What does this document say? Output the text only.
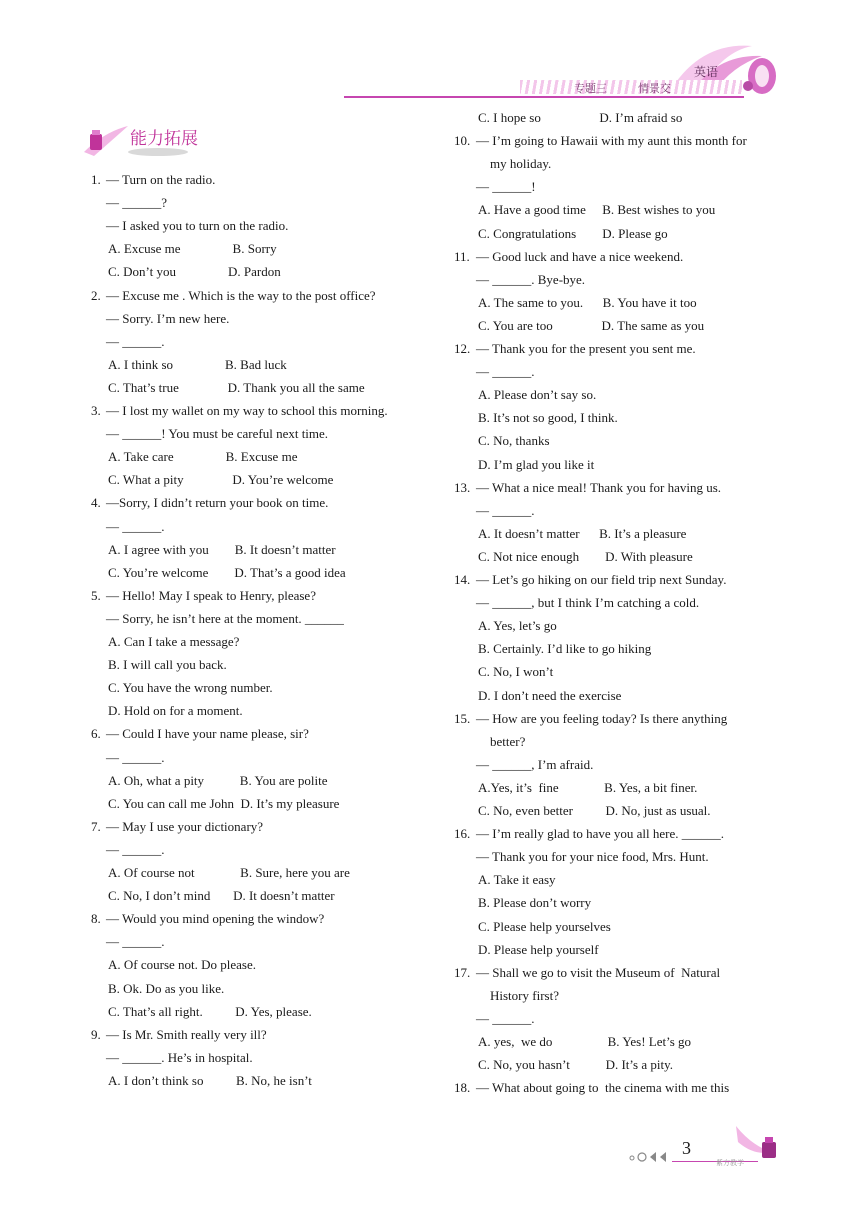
英语
专题三	情景交
能力拓展
1. — Turn on the radio.
— ______?
— I asked you to turn on the radio.
A. Excuse me                B. Sorry
C. Don’t you                D. Pardon
2. — Excuse me . Which is the way to the post office?
— Sorry. I’m new here.
— ______.
A. I think so                B. Bad luck
C. That’s true               D. Thank you all the same
3. — I lost my wallet on my way to school this morning.
— ______! You must be careful next time.
A. Take care                B. Excuse me
C. What a pity               D. You’re welcome
4. —Sorry, I didn’t return your book on time.
— ______.
A. I agree with you        B. It doesn’t matter
C. You’re welcome        D. That’s a good idea
5. — Hello! May I speak to Henry, please?
— Sorry, he isn’t here at the moment. ______
A. Can I take a message?
B. I will call you back.
C. You have the wrong number.
D. Hold on for a moment.
6. — Could I have your name please, sir?
— ______.
A. Oh, what a pity           B. You are polite
C. You can call me John  D. It’s my pleasure
7. — May I use your dictionary?
— ______.
A. Of course not              B. Sure, here you are
C. No, I don’t mind       D. It doesn’t matter
8. — Would you mind opening the window?
— ______.
A. Of course not. Do please.
B. Ok. Do as you like.
C. That’s all right.          D. Yes, please.
9. — Is Mr. Smith really very ill?
— ______. He’s in hospital.
A. I don’t think so          B. No, he isn’t
C. I hope so                  D. I’m afraid so
10. — I’m going to Hawaii with my aunt this month for
my holiday.
— ______!
A. Have a good time     B. Best wishes to you
C. Congratulations        D. Please go
11. — Good luck and have a nice weekend.
— ______. Bye-bye.
A. The same to you.      B. You have it too
C. You are too               D. The same as you
12. — Thank you for the present you sent me.
— ______.
A. Please don’t say so.
B. It’s not so good, I think.
C. No, thanks
D. I’m glad you like it
13. — What a nice meal! Thank you for having us.
— ______.
A. It doesn’t matter      B. It’s a pleasure
C. Not nice enough        D. With pleasure
14. — Let’s go hiking on our field trip next Sunday.
— ______, but I think I’m catching a cold.
A. Yes, let’s go
B. Certainly. I’d like to go hiking
C. No, I won’t
D. I don’t need the exercise
15. — How are you feeling today? Is there anything
better?
— ______, I’m afraid.
A.Yes, it’s  fine              B. Yes, a bit finer.
C. No, even better          D. No, just as usual.
16. — I’m really glad to have you all here. ______.
— Thank you for your nice food, Mrs. Hunt.
A. Take it easy
B. Please don’t worry
C. Please help yourselves
D. Please help yourself
17. — Shall we go to visit the Museum of  Natural
History first?
— ______.
A. yes,  we do                 B. Yes! Let’s go
C. No, you hasn’t           D. It’s a pity.
18. — What about going to  the cinema with me this
3
紫方教学
